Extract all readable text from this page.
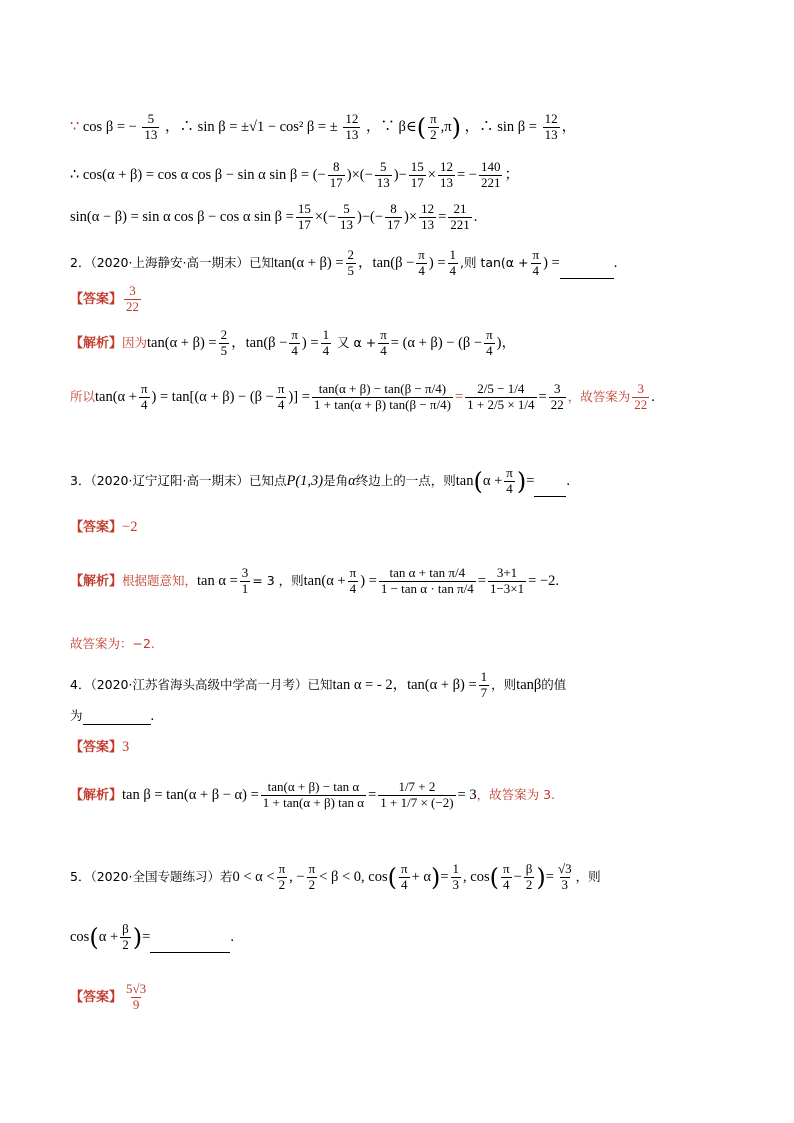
∵ cos β = − $\frac{5}{13}$ ，∴ sin β = ±√1 − cos² β = ± $\frac{12}{13}$ ，∵ β∈( $\frac{\pi}{2} ,\pi$) ，∴ $\sin \beta = \frac{12}{13}$ ，
∴ cos(α + β) = cos α cos β − sin α sin β = (− $\frac{8}{17}$ )×(− $\frac{5}{13}$ )− $\frac{15}{17} \times \frac{12}{13}$ = − $\frac{140}{221}$ ；
sin(α − β) = sin α cos β − cos α $\sin \beta = \frac{15}{17}$ ×(− $\frac{5}{13}$ )−(− $\frac{8}{17}$ )× $\frac{12}{13} = \frac{21}{221}$ .
2．（2020·上海静安·高一期末）已知$\tan(\alpha + \beta) = \frac{2}{5}$ ，$\tan(\beta - \frac{\pi}{4}$ ) = $\frac{1}{4}$ ,则 $\tan(\alpha + \frac{\pi}{4}$ ) =	.
【答案】 $\frac{3}{22}$
【解析】因为$\tan(\alpha + \beta) = \frac{2}{5}$ ，$\tan(\beta - \frac{\pi}{4}$ ) = $\frac{1}{4}$ 又 $\alpha + \frac{\pi}{4} = (\alpha + \beta) - (\beta - \frac{\pi}{4}$ )，
所以$\tan(\alpha + \frac{\pi}{4}$ ) = $\tan[(\alpha + \beta) - (\beta - \frac{\pi}{4}$ )] = $\frac{\tan(\alpha + \beta) - \tan(\beta - \pi/4)}{1 + \tan(\alpha + \beta) \tan(\beta - \pi/4)} = \frac{2/5 - 1/4}{1 + 2/5 \times 1/4} = \frac{3}{22}$ ，故答案为 $\frac{3}{22}$ .
3．（2020·辽宁辽阳·高一期末）已知点P(1,3)是角α终边上的一点，则$\tan(\alpha + \frac{\pi}{4}$ )= .
【答案】−2
【解析】根据题意知，$\tan \alpha = \frac{3}{1} = 3$ ，则$\tan(\alpha + \frac{\pi}{4}$ ) = $\frac{\text{tan α + tan π/4}}{\text{1 − tan α · tan π/4}} = \frac{3+1}{1-3\times 1} = -2$.
故答案为：−2.
4．（2020·江苏省海头高级中学高一月考）已知tan α = - 2，$\tan(\alpha + \beta) = \frac{1}{7}$ ，则tanβ的值
为	.
【答案】3
【解析】$\tan \beta = \tan(\alpha + \beta - \alpha) = \frac{\text{tan(α + β) − tan α}}{\text{1 + tan(α + β) tan α}} = \frac{1/7 + 2}{1 + 1/7 \times (-2)} = 3$，故答案为 3.
5．（2020·全国专题练习）若$0 < \alpha < \frac{\pi}{2}$ , − $\frac{\pi}{2} < \beta < 0$, $\cos( \frac{\pi}{4} + \alpha)= \frac{1}{3}$ , $\cos( \frac{\pi}{4} - \frac{\beta}{2}$ )= $\frac{√3}{3}$ ，则
$\cos(\alpha + \frac{\beta}{2}$ )=	.
【答案】 $\frac{5√3}{9}$
